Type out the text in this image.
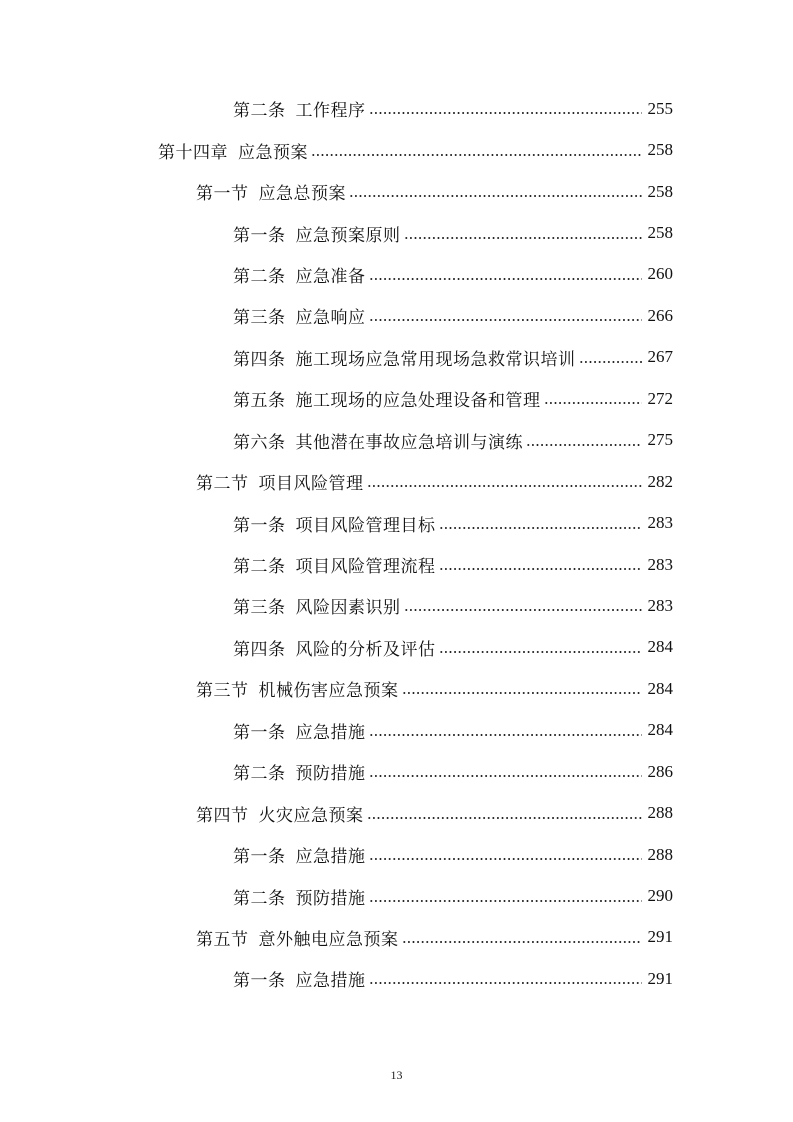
第二条 工作程序	255
第十四章 应急预案	258
第一节 应急总预案	258
第一条 应急预案原则	258
第二条 应急准备	260
第三条 应急响应	266
第四条 施工现场应急常用现场急救常识培训	267
第五条 施工现场的应急处理设备和管理	272
第六条 其他潜在事故应急培训与演练	275
第二节 项目风险管理	282
第一条 项目风险管理目标	283
第二条 项目风险管理流程	283
第三条 风险因素识别	283
第四条 风险的分析及评估	284
第三节 机械伤害应急预案	284
第一条 应急措施	284
第二条 预防措施	286
第四节 火灾应急预案	288
第一条 应急措施	288
第二条 预防措施	290
第五节 意外触电应急预案	291
第一条 应急措施	291
13
